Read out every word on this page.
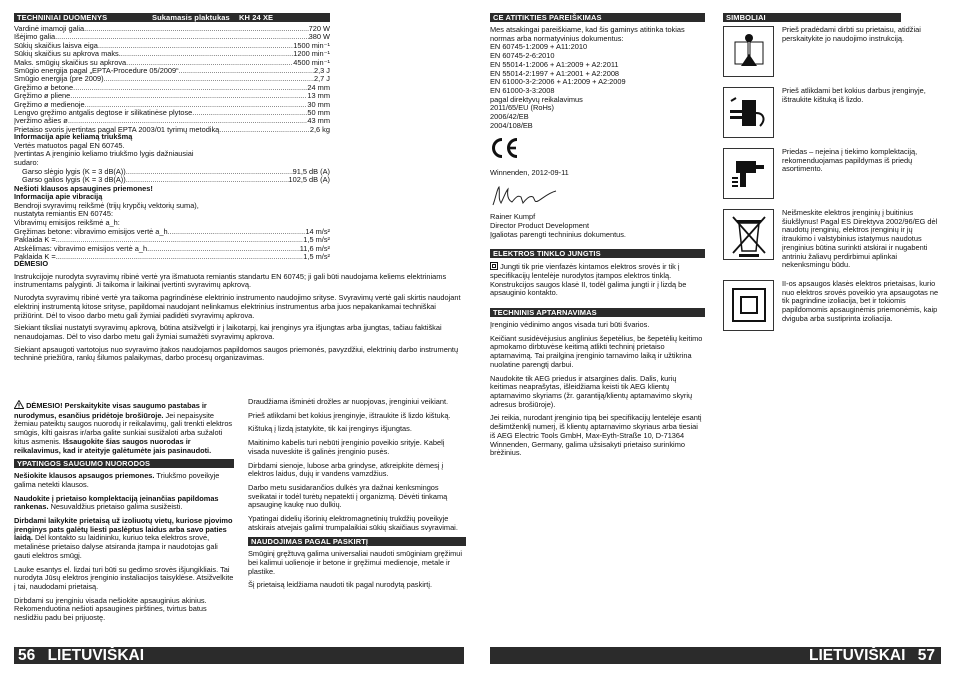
TECHNINIAI DUOMENYS	Sukamasis plaktukas	KH 24 XE
Vardinė imamoji galia .....	720 W
Išėjimo galia .....	380 W
Sūkių skaičius laisva eiga .....	1500 min⁻¹
Sūkių skaičius su apkrova maks. .....	1200 min⁻¹
Maks. smūgių skaičius su apkrova .....	4500 min⁻¹
Smūgio energija pagal „EPTA-Procedure 05/2009“ .....	2,3 J
Smūgio energija (pre 2009) .....	2,7 J
Gręžimo ø betone .....	24 mm
Gręžimo ø pliene .....	13 mm
Gręžimo ø medienoje .....	30 mm
Lengvo gręžimo antgalis degtose ir silikatinėse plytose .....	50 mm
Įveržimo ašies ø .....	43 mm
Prietaiso svoris įvertintas pagal EPTA 2003/01 tyrimų metodiką .....	2,6 kg
Informacija apie keliamą triukšmą
Vertės matuotos pagal EN 60745.
Įvertintas A įrenginio keliamo triukšmo lygis dažniausiai
sudaro:
Garso slėgio lygis (K = 3 dB(A)) .....	91,5 dB (A)
Garso galios lygis (K = 3 dB(A)) .....	102,5 dB (A)
Nešioti klausos apsaugines priemones!
Informacija apie vibraciją
Bendroji svyravimų reikšmė (trijų krypčių vektorių suma),
nustatyta remiantis EN 60745:
Vibravimų emisijos reikšmė a_h:
Gręžimas betone: vibravimo emisijos vertė a_h .....	14 m/s²
Paklaida K = .....	1,5 m/s²
Atskėlimas: vibravimo emisijos vertė a_h .....	11,6 m/s²
Paklaida K = .....	1,5 m/s²
DĖMESIO
Instrukcijoje nurodyta svyravimų ribinė vertė yra išmatuota remiantis standartu EN 60745; ji gali būti naudojama keliems elektriniams instrumentams palyginti. Ji taikoma ir laikinai įvertinti svyravimų apkrovą.
Nurodyta svyravimų ribinė vertė yra taikoma pagrindinėse elektrinio instrumento naudojimo srityse. Svyravimų vertė gali skirtis naudojant elektrinį instrumentą kitose srityse, papildomai naudojant nelinkamus elektrinius instrumentus arba juos nepakankamai techniškai prižiūrint. Dėl to visoo darbo metu gali žymiai padidėti svyravimų apkrova.
Siekiant tiksliai nustatyti svyravimų apkrovą, būtina atsižvelgti ir į laikotarpį, kai įrenginys yra išjungtas arba įjungtas, tačiau faktiškai nenaudojamas. Dėl to viso darbo metu gali žymiai sumažėti svyravimų apkrova.
Siekiant apsaugoti vartotojus nuo svyravimo įtakos naudojamos papildomos saugos priemonės, pavyzdžiui, elektrinių darbo instrumentų techninė priežiūra, rankų šilumos palaikymas, darbo procesų organizavimas.
DĖMESIO! Perskaitykite visas saugumo pastabas ir nurodymus, esančius pridėtoje brošiūroje. Jei nepaisysite žemiau pateiktų saugos nuorodų ir reikalavimų, gali trenkti elektros smūgis, kilti gaisras ir/arba galite sunkiai susižaloti arba sužaloti kitus asmenis. Išsaugokite šias saugos nuorodas ir reikalavimus, kad ir ateityje galėtumėte jais pasinaudoti.
YPATINGOS SAUGUMO NUORODOS
Nešiokite klausos apsaugos priemones. Triukšmo poveikyje galima netekti klausos.
Naudokite į prietaiso komplektaciją įeinančias papildomas rankenas. Nesuvaldžius prietaiso galima susižeisti.
Dirbdami laikykite prietaisą už izoliuotų vietų, kuriose pjovimo įrenginys pats galėtų liesti paslėptus laidus arba savo paties laidą. Dėl kontakto su laidininku, kuriuo teka elektros srovė, metalinėse prietaiso dalyse atsiranda įtampa ir naudotojas gali gauti elektros smūgį.
Lauke esantys el. lizdai turi būti su gedimo srovės išjungikliais. Tai nurodyta Jūsų elektros įrenginio instaliacijos taisyklėse. Atsižvelkite į tai, naudodami prietaisą.
Dirbdami su įrenginiu visada nešiokite apsauginius akinius. Rekomenduotina nešioti apsaugines pirštines, tvirtus batus neslidžiu padu bei prijuostę.
Draudžiama išminėti drožles ar nuopjovas, įrenginiui veikiant.
Prieš atlikdami bet kokius įrenginyje, ištraukite iš lizdo kištuką.
Kištuką į lizdą įstatykite, tik kai įrenginys išjungtas.
Maitinimo kabelis turi nebūti įrenginio poveikio srityje. Kabelį visada nuveskite iš galinės įrenginio pusės.
Dirbdami sienoje, lubose arba grindyse, atkreipkite dėmesį į elektros laidus, dujų ir vandens vamzdžius.
Darbo metu susidarančios dulkės yra dažnai kenksmingos sveikatai ir todėl turėtų nepatekti į organizmą. Dėvėti tinkamą apsauginę kaukę nuo dulkių.
Ypatingai didelių išorinių elektromagnetinių trukdžių poveikyje atskirais atvejais galimi trumpalaikiai sūkių skaičiaus svyravimai.
NAUDOJIMAS PAGAL PASKIRTĮ
Smūginį gręžtuvą galima universaliai naudoti smūginiam gręžimui bei kalimui uolienoje ir betone ir gręžimui medienoje, metale ir plastike.
Šį prietaisą leidžiama naudoti tik pagal nurodytą paskirtį.
56 LIETUVIŠKAI
CE ATITIKTIES PAREIŠKIMAS
Mes atsakingai pareiškiame, kad šis gaminys atitinka tokias normas arba normatyvinius dokumentus:
EN 60745-1:2009 + A11:2010
EN 60745-2-6:2010
EN 55014-1:2006 + A1:2009 + A2:2011
EN 55014-2:1997 + A1:2001 + A2:2008
EN 61000-3-2:2006 + A1:2009 + A2:2009
EN 61000-3-3:2008
pagal direktyvų reikalavimus
2011/65/EU (RoHs)
2006/42/EB
2004/108/EB
Winnenden, 2012-09-11
Rainer Kumpf
Director Product Development
Įgaliotas parengti techninius dokumentus.
ELEKTROS TINKLO JUNGTIS
Jungti tik prie vienfazės kintamos elektros srovės ir tik į specifikacijų lentelėje nurodytos įtampos elektros tinklą. Konstrukcijos saugos klasė II, todėl galima jungti ir į lizdą be apsauginio kontakto.
TECHNINIS APTARNAVIMAS
Įrenginio vėdinimo angos visada turi būti švarios.
Keičiant susidėvėjusius anglinius šepetėlius, be šepetėlių keitimo apmokamo dirbtuvėse keitimą atlikti techninį prietaiso aptarnavimą. Tai prailgina įrenginio tarnavimo laiką ir užtikrina nuolatine parengtį darbui.
Naudokite tik AEG priedus ir atsargines dalis. Dalis, kurių keitimas neaprašytas, išleidžiama keisti tik AEG klientų aptarnavimo skyriams (žr. garantiją/klientų aptarnavimo skyrių adresus brošiūroje).
Jei reikia, nurodant įrenginio tipą bei specifikacijų lentelėje esantį dešimtženklį numerį, iš klientų aptarnavimo skyriaus arba tiesiai iš AEG Electric Tools GmbH, Max-Eyth-Straße 10, D-71364 Winnenden, Germany, galima užsisakyti prietaiso surinkimo brėžinius.
SIMBOLIAI
Prieš pradėdami dirbti su prietaisu, atidžiai perskaitykite jo naudojimo instrukciją.
Prieš atlikdami bet kokius darbus įrenginyje, ištraukite kištuką iš lizdo.
Priedas – neįeina į tiekimo komplektaciją, rekomenduojamas papildymas iš priedų asortimento.
Neišmeskite elektros įrenginių į buitinius šiukšlynus! Pagal ES Direktyva 2002/96/EG dėl naudotų įrenginių, elektros įrenginių ir jų itraukimo i valstybinius istatymus naudotus įrenginius būtina surinkti atskirai ir nugabenti antriniu žaliavų perdirbimui aplinkai nekenksmingu būdu.
II-os apsaugos klasės elektros prietaisas, kurio nuo elektros srovės poveikio yra apsaugotas ne tik pagrindine izoliacija, bet ir tokiomis papildomomis apsauginėmis priemonėmis, kaip dviguba arba sustiprinta izoliacija.
LIETUVIŠKAI 57
